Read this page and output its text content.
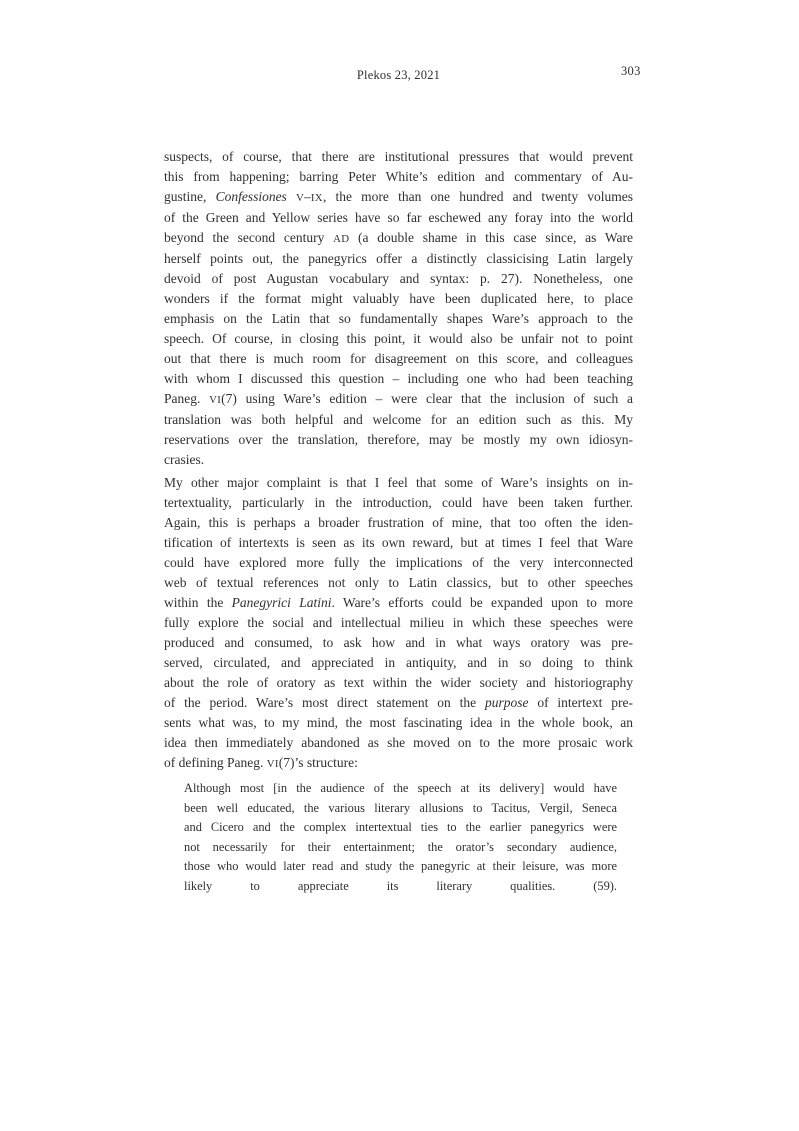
Plekos 23, 2021	303
suspects, of course, that there are institutional pressures that would prevent
this from happening; barring Peter White’s edition and commentary of Au-
gustine, Confessiones V–IX, the more than one hundred and twenty volumes
of the Green and Yellow series have so far eschewed any foray into the world
beyond the second century AD (a double shame in this case since, as Ware
herself points out, the panegyrics offer a distinctly classicising Latin largely
devoid of post Augustan vocabulary and syntax: p. 27). Nonetheless, one
wonders if the format might valuably have been duplicated here, to place
emphasis on the Latin that so fundamentally shapes Ware’s approach to the
speech. Of course, in closing this point, it would also be unfair not to point
out that there is much room for disagreement on this score, and colleagues
with whom I discussed this question – including one who had been teaching
Paneg. VI(7) using Ware’s edition – were clear that the inclusion of such a
translation was both helpful and welcome for an edition such as this. My
reservations over the translation, therefore, may be mostly my own idiosyn-
crasies.
My other major complaint is that I feel that some of Ware’s insights on in-
tertextuality, particularly in the introduction, could have been taken further.
Again, this is perhaps a broader frustration of mine, that too often the iden-
tification of intertexts is seen as its own reward, but at times I feel that Ware
could have explored more fully the implications of the very interconnected
web of textual references not only to Latin classics, but to other speeches
within the Panegyrici Latini. Ware’s efforts could be expanded upon to more
fully explore the social and intellectual milieu in which these speeches were
produced and consumed, to ask how and in what ways oratory was pre-
served, circulated, and appreciated in antiquity, and in so doing to think
about the role of oratory as text within the wider society and historiography
of the period. Ware’s most direct statement on the purpose of intertext pre-
sents what was, to my mind, the most fascinating idea in the whole book, an
idea then immediately abandoned as she moved on to the more prosaic work
of defining Paneg. VI(7)’s structure:
Although most [in the audience of the speech at its delivery] would have
been well educated, the various literary allusions to Tacitus, Vergil, Seneca
and Cicero and the complex intertextual ties to the earlier panegyrics were
not necessarily for their entertainment; the orator’s secondary audience,
those who would later read and study the panegyric at their leisure, was more
likely to appreciate its literary qualities. (59).
